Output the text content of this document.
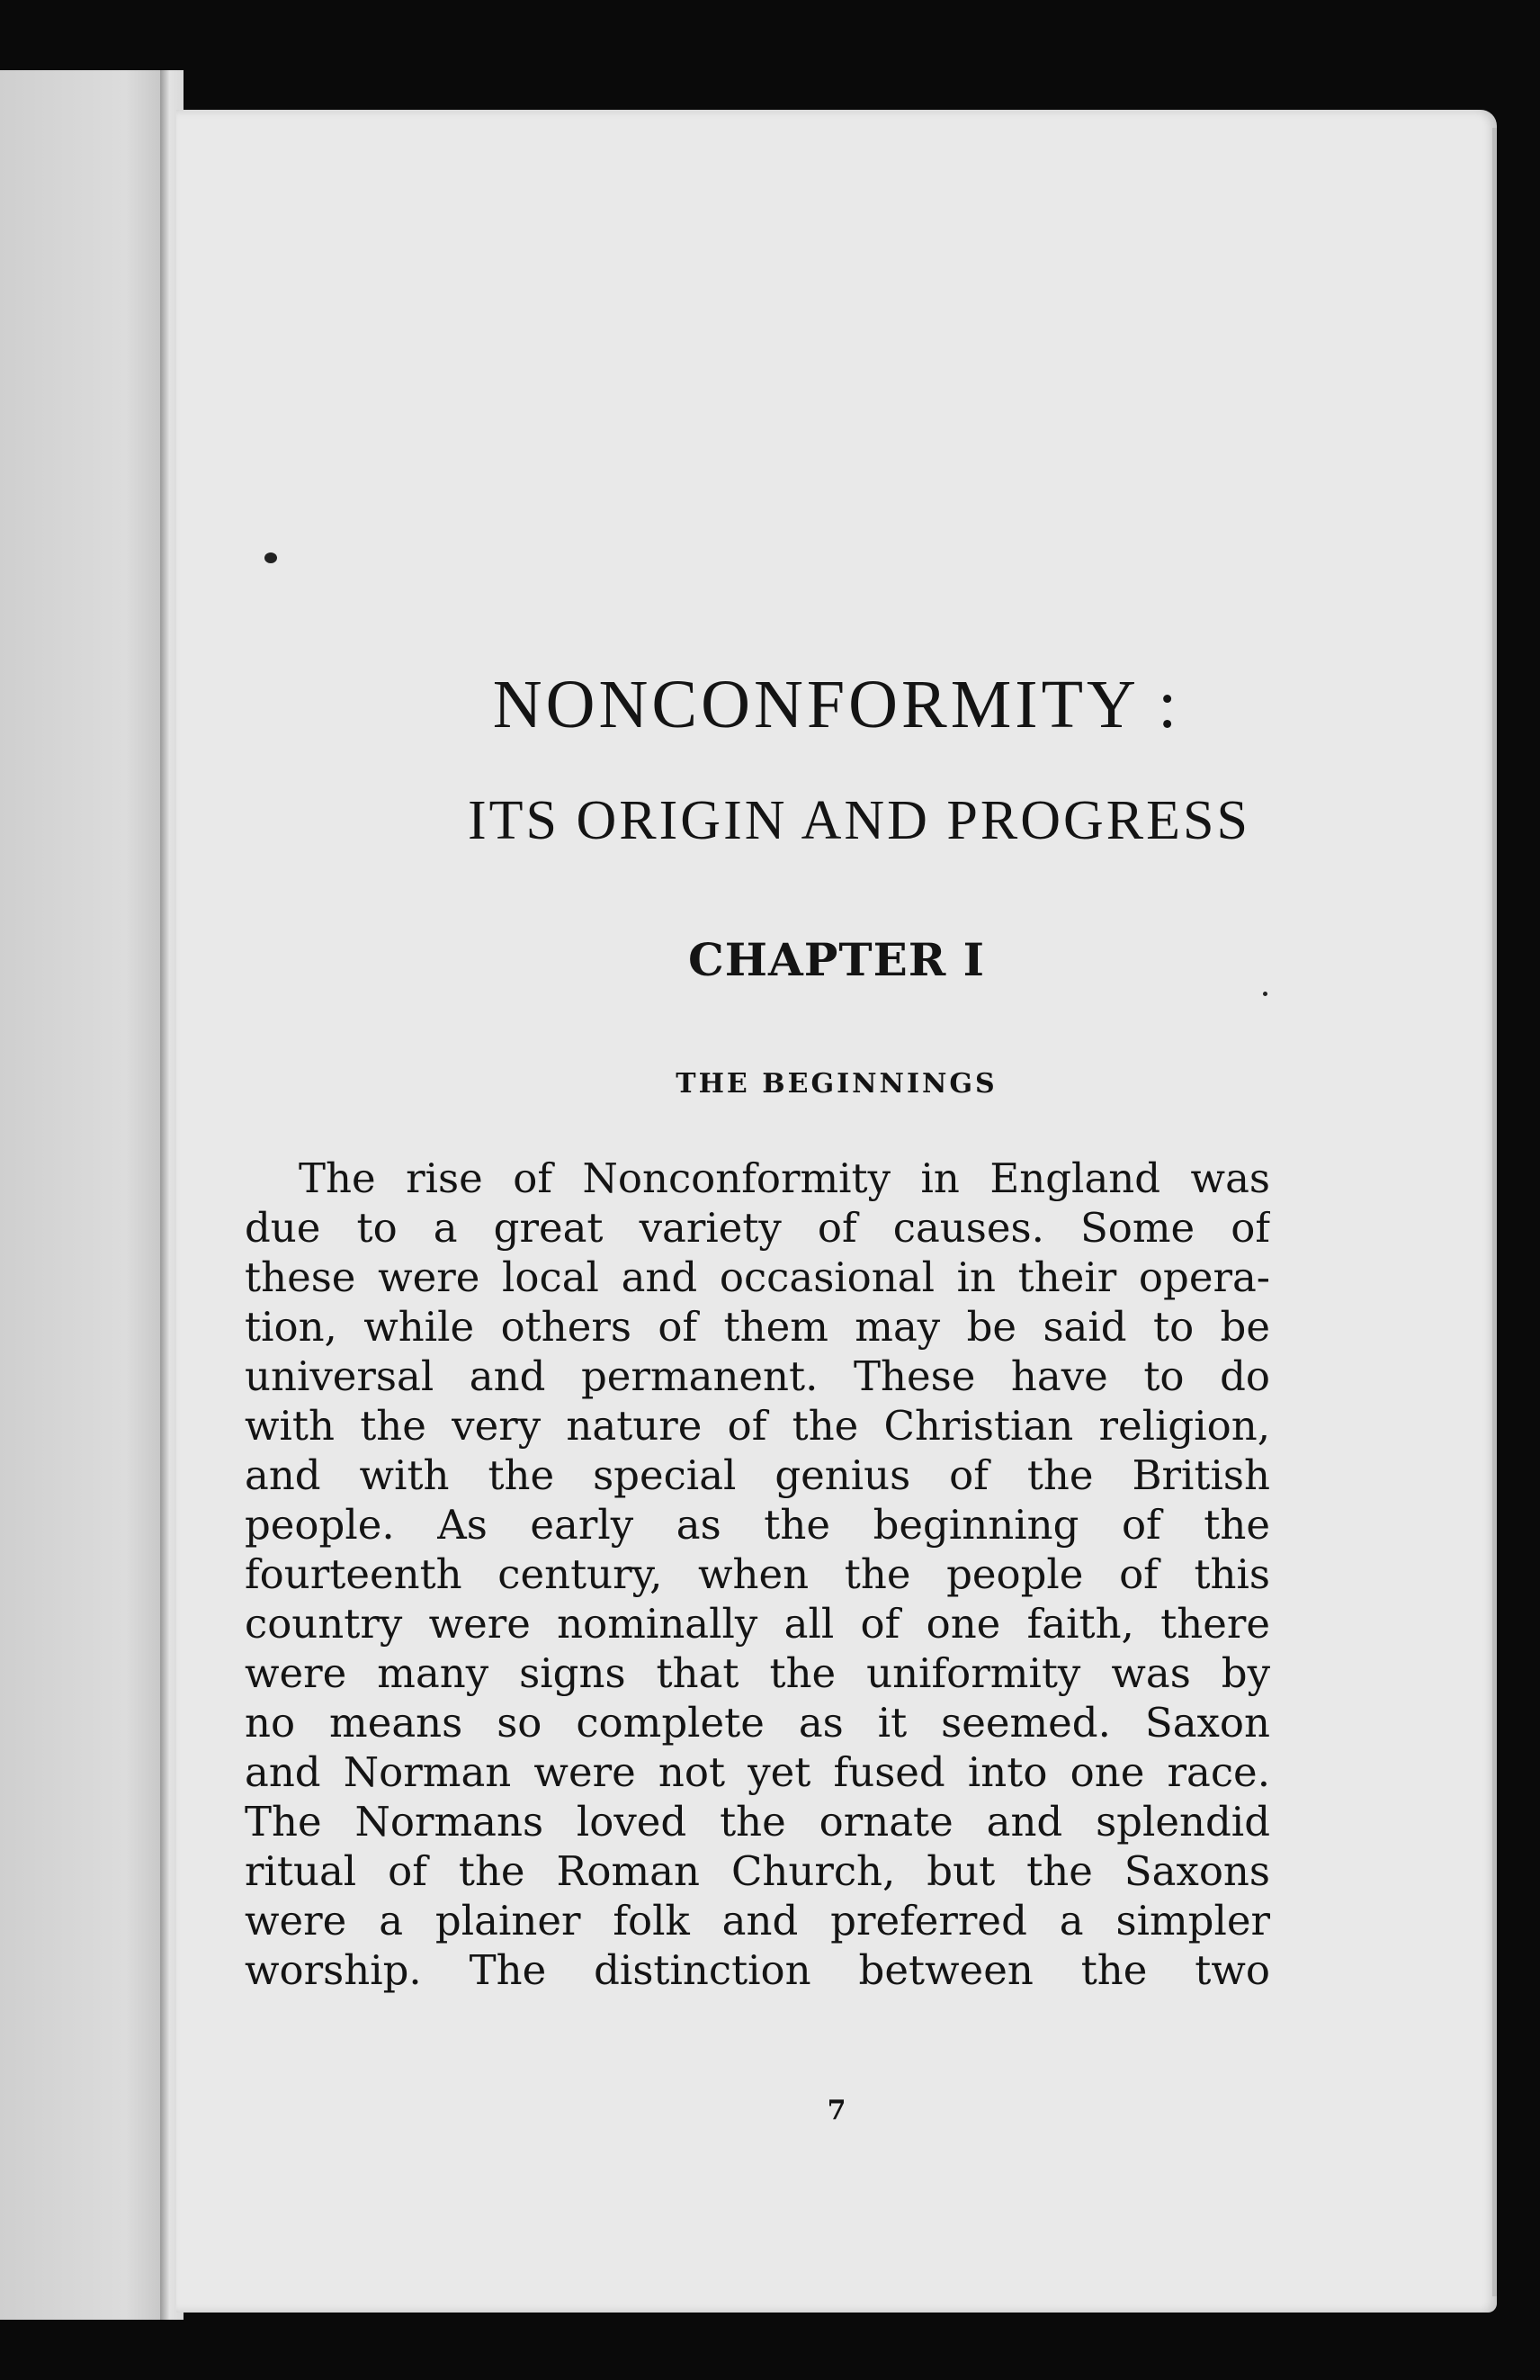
NONCONFORMITY :
ITS ORIGIN AND PROGRESS
CHAPTER I
THE BEGINNINGS
The rise of Nonconformity in England was
due to a great variety of causes. Some of
these were local and occasional in their opera-
tion, while others of them may be said to be
universal and permanent. These have to do
with the very nature of the Christian religion,
and with the special genius of the British
people. As early as the beginning of the
fourteenth century, when the people of this
country were nominally all of one faith, there
were many signs that the uniformity was by
no means so complete as it seemed. Saxon
and Norman were not yet fused into one race.
The Normans loved the ornate and splendid
ritual of the Roman Church, but the Saxons
were a plainer folk and preferred a simpler
worship. The distinction between the two
7
